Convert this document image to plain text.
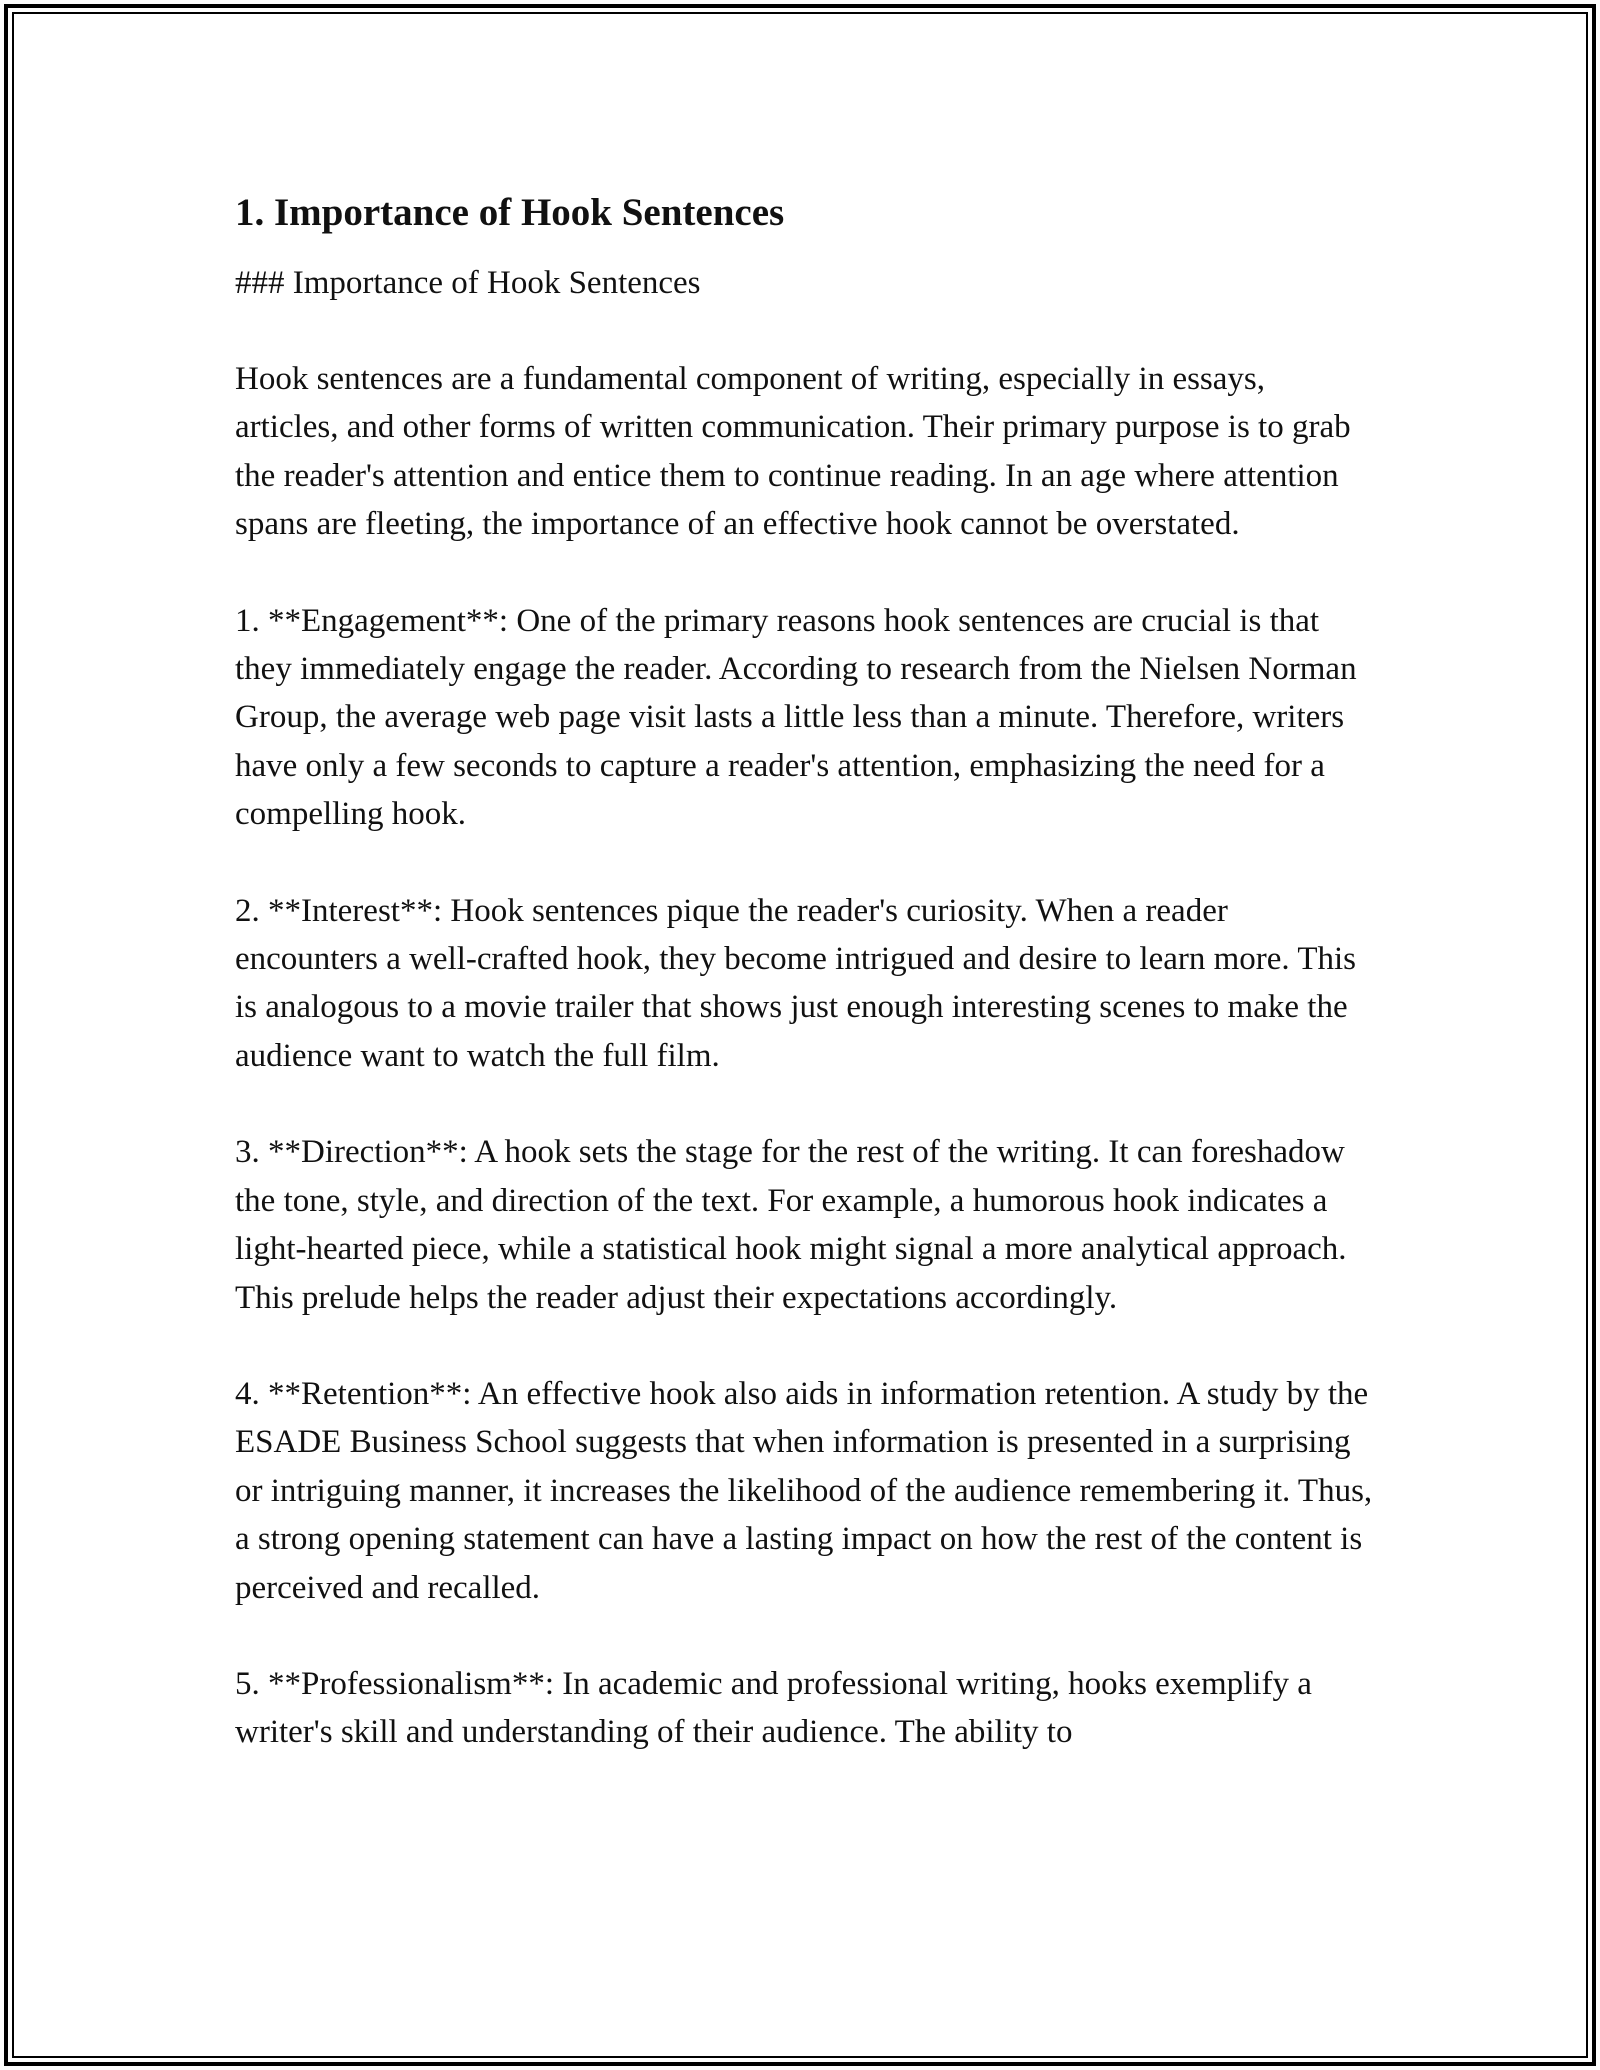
1. Importance of Hook Sentences

### Importance of Hook Sentences

Hook sentences are a fundamental component of writing, especially in essays, articles, and other forms of written communication. Their primary purpose is to grab the reader's attention and entice them to continue reading. In an age where attention spans are fleeting, the importance of an effective hook cannot be overstated.

1. **Engagement**: One of the primary reasons hook sentences are crucial is that they immediately engage the reader. According to research from the Nielsen Norman Group, the average web page visit lasts a little less than a minute. Therefore, writers have only a few seconds to capture a reader's attention, emphasizing the need for a compelling hook.

2. **Interest**: Hook sentences pique the reader's curiosity. When a reader encounters a well-crafted hook, they become intrigued and desire to learn more. This is analogous to a movie trailer that shows just enough interesting scenes to make the audience want to watch the full film.

3. **Direction**: A hook sets the stage for the rest of the writing. It can foreshadow the tone, style, and direction of the text. For example, a humorous hook indicates a light-hearted piece, while a statistical hook might signal a more analytical approach. This prelude helps the reader adjust their expectations accordingly.

4. **Retention**: An effective hook also aids in information retention. A study by the ESADE Business School suggests that when information is presented in a surprising or intriguing manner, it increases the likelihood of the audience remembering it. Thus, a strong opening statement can have a lasting impact on how the rest of the content is perceived and recalled.

5. **Professionalism**: In academic and professional writing, hooks exemplify a writer's skill and understanding of their audience. The ability to
